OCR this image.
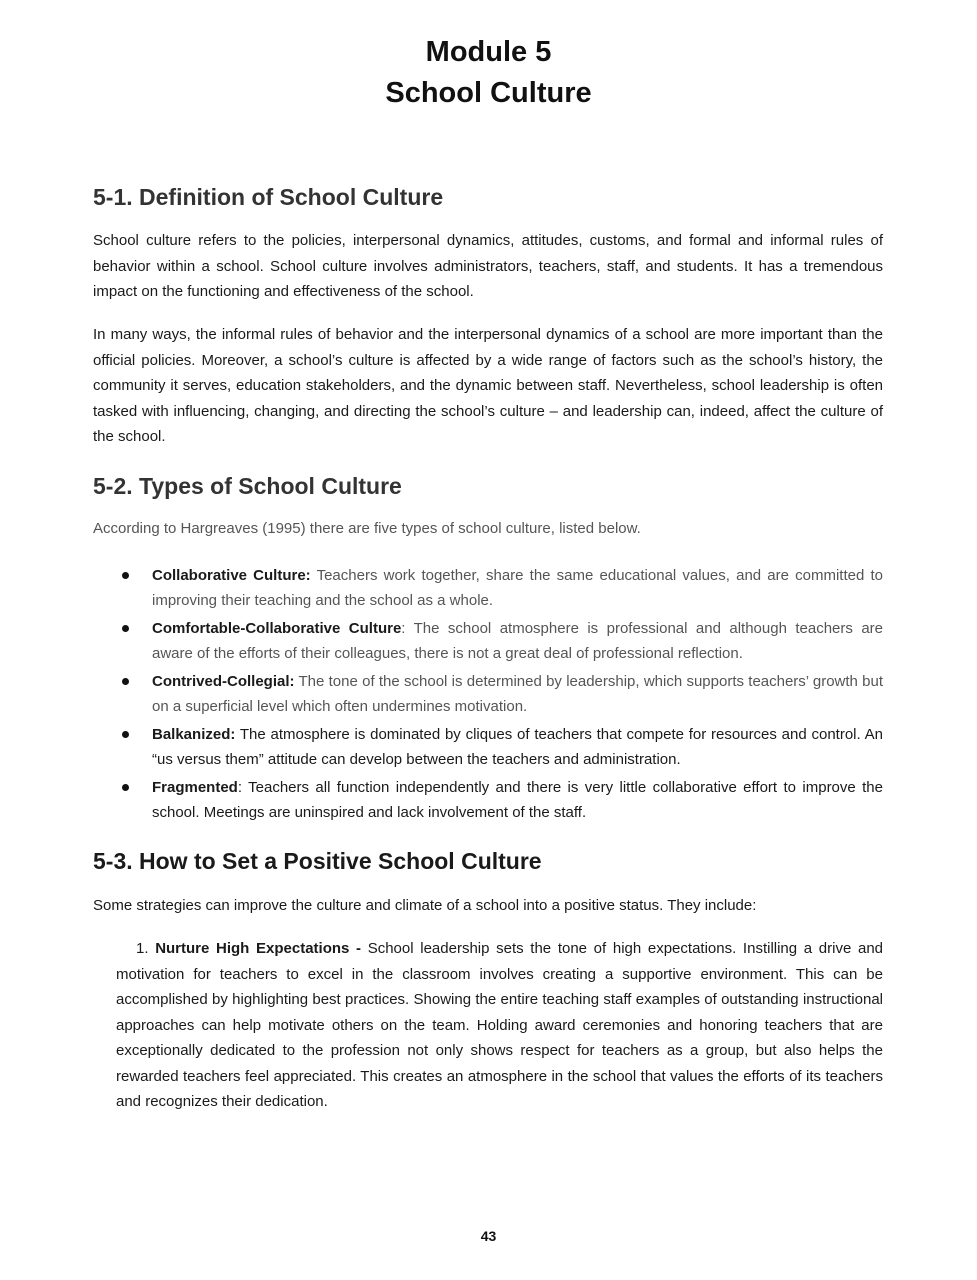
Module 5
School Culture
5-1. Definition of School Culture

School culture refers to the policies, interpersonal dynamics, attitudes, customs, and formal and informal rules of behavior within a school. School culture involves administrators, teachers, staff, and students. It has a tremendous impact on the functioning and effectiveness of the school.

In many ways, the informal rules of behavior and the interpersonal dynamics of a school are more important than the official policies. Moreover, a school’s culture is affected by a wide range of factors such as the school’s history, the community it serves, education stakeholders, and the dynamic between staff. Nevertheless, school leadership is often tasked with influencing, changing, and directing the school’s culture – and leadership can, indeed, affect the culture of the school.

5-2. Types of School Culture

According to Hargreaves (1995) there are five types of school culture, listed below.

Collaborative Culture: Teachers work together, share the same educational values, and are committed to improving their teaching and the school as a whole.
Comfortable-Collaborative Culture: The school atmosphere is professional and although teachers are aware of the efforts of their colleagues, there is not a great deal of professional reflection.
Contrived-Collegial: The tone of the school is determined by leadership, which supports teachers’ growth but on a superficial level which often undermines motivation.
Balkanized: The atmosphere is dominated by cliques of teachers that compete for resources and control. An “us versus them” attitude can develop between the teachers and administration.
Fragmented: Teachers all function independently and there is very little collaborative effort to improve the school. Meetings are uninspired and lack involvement of the staff.
5-3. How to Set a Positive School Culture

Some strategies can improve the culture and climate of a school into a positive status. They include:

1. Nurture High Expectations - School leadership sets the tone of high expectations. Instilling a drive and motivation for teachers to excel in the classroom involves creating a supportive environment. This can be accomplished by highlighting best practices. Showing the entire teaching staff examples of outstanding instructional approaches can help motivate others on the team. Holding award ceremonies and honoring teachers that are exceptionally dedicated to the profession not only shows respect for teachers as a group, but also helps the rewarded teachers feel appreciated. This creates an atmosphere in the school that values the efforts of its teachers and recognizes their dedication.

43
